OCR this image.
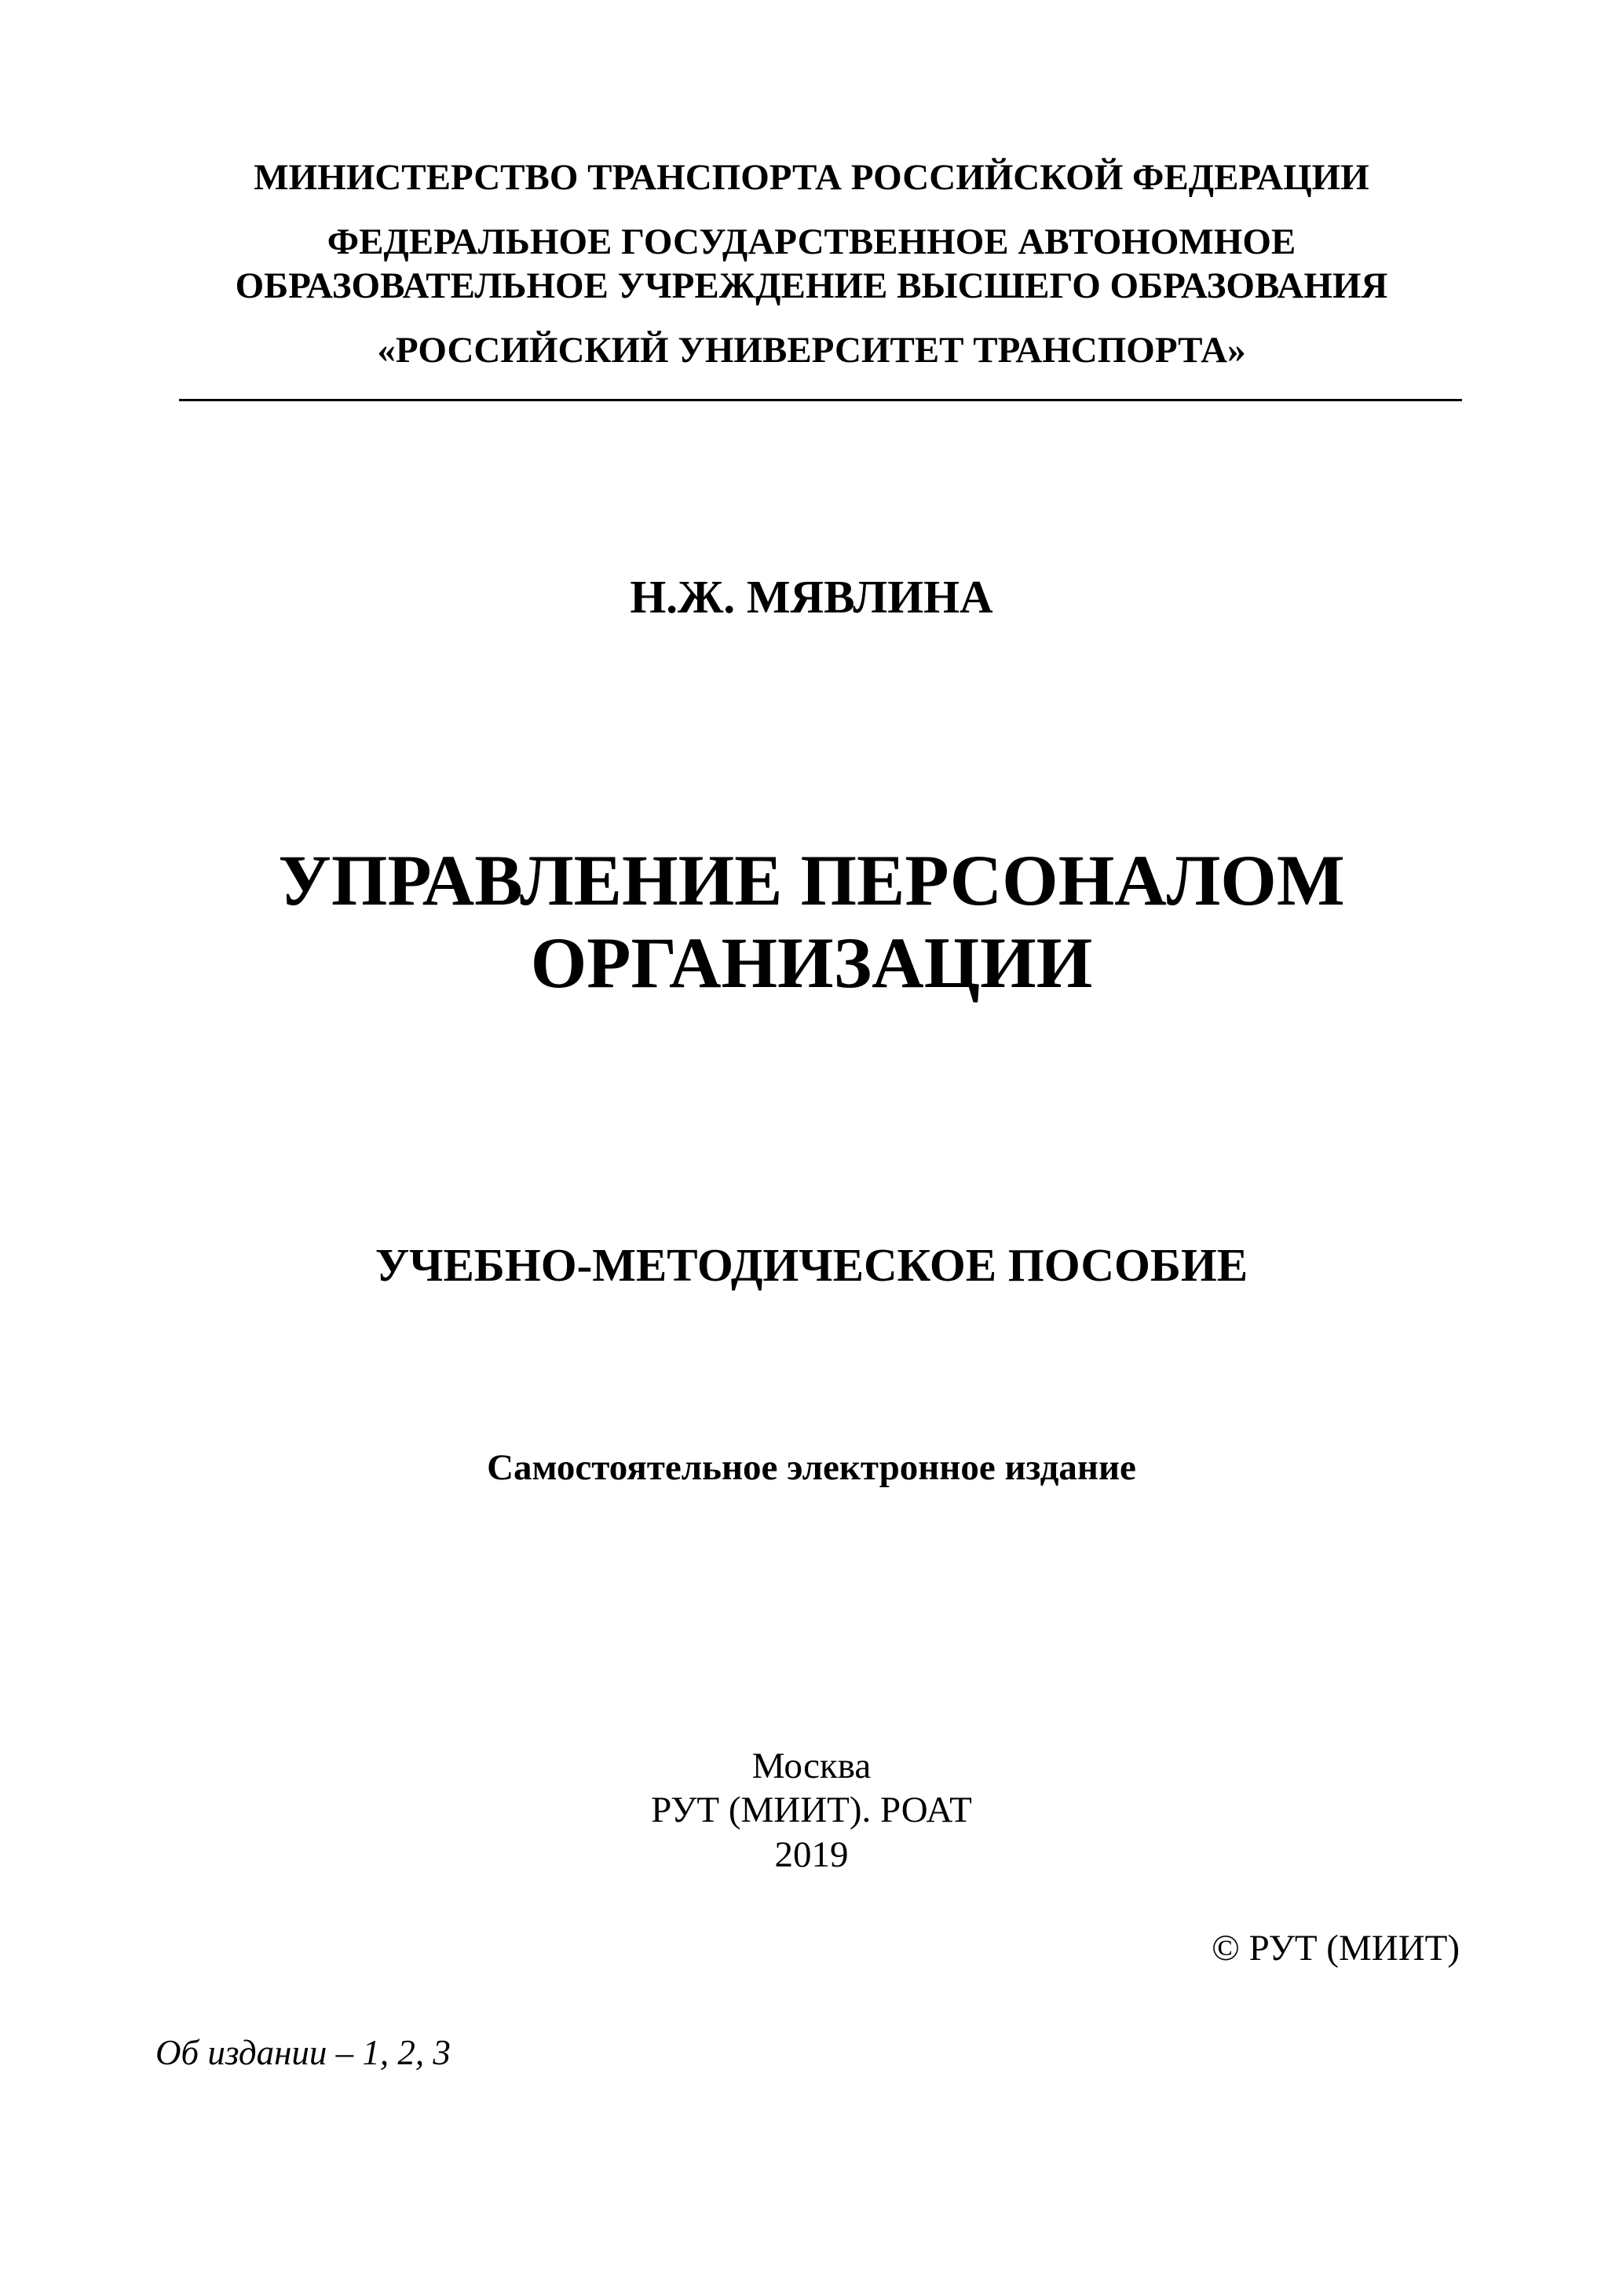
МИНИСТЕРСТВО ТРАНСПОРТА РОССИЙСКОЙ ФЕДЕРАЦИИ
ФЕДЕРАЛЬНОЕ ГОСУДАРСТВЕННОЕ АВТОНОМНОЕ
ОБРАЗОВАТЕЛЬНОЕ УЧРЕЖДЕНИЕ ВЫСШЕГО ОБРАЗОВАНИЯ
«РОССИЙСКИЙ УНИВЕРСИТЕТ ТРАНСПОРТА»
Н.Ж. МЯВЛИНА
УПРАВЛЕНИЕ ПЕРСОНАЛОМ
ОРГАНИЗАЦИИ
УЧЕБНО-МЕТОДИЧЕСКОЕ ПОСОБИЕ
Самостоятельное электронное издание
Москва
РУТ (МИИТ). РОАТ
2019
© РУТ (МИИТ)
Об издании – 1, 2, 3
